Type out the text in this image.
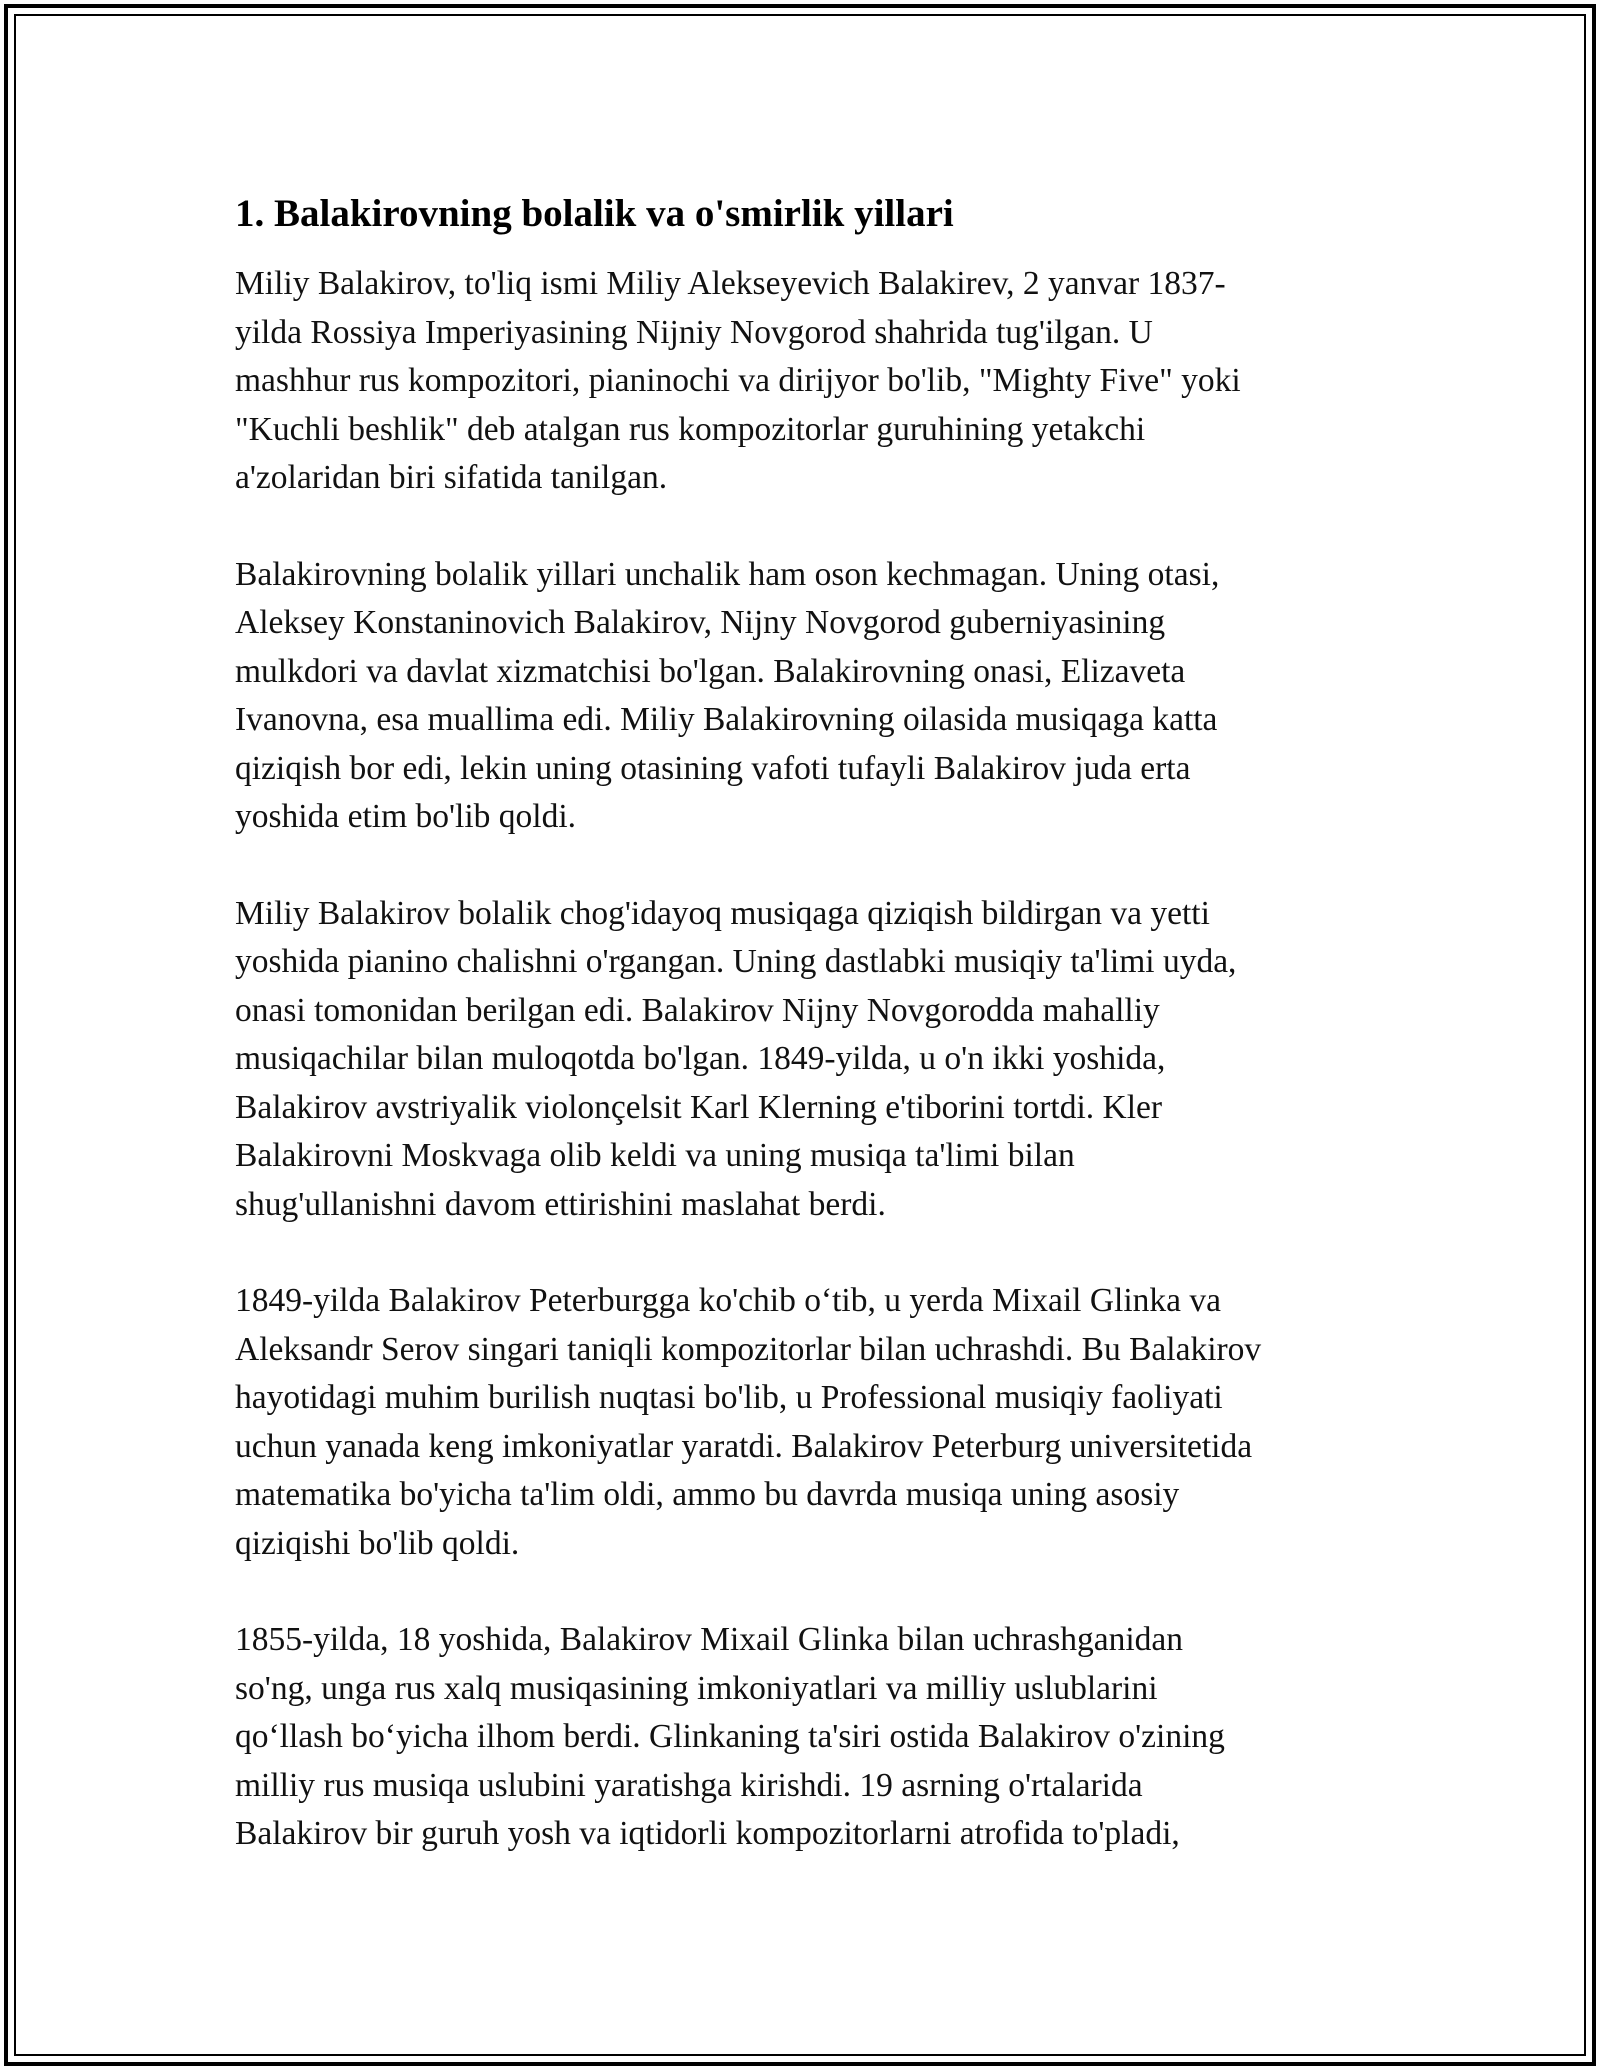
1. Balakirovning bolalik va o'smirlik yillari

Miliy Balakirov, to'liq ismi Miliy Alekseyevich Balakirev, 2 yanvar 1837-
yilda Rossiya Imperiyasining Nijniy Novgorod shahrida tug'ilgan. U
mashhur rus kompozitori, pianinochi va dirijyor bo'lib, "Mighty Five" yoki
"Kuchli beshlik" deb atalgan rus kompozitorlar guruhining yetakchi
a'zolaridan biri sifatida tanilgan.

Balakirovning bolalik yillari unchalik ham oson kechmagan. Uning otasi,
Aleksey Konstaninovich Balakirov, Nijny Novgorod guberniyasining
mulkdori va davlat xizmatchisi bo'lgan. Balakirovning onasi, Elizaveta
Ivanovna, esa muallima edi. Miliy Balakirovning oilasida musiqaga katta
qiziqish bor edi, lekin uning otasining vafoti tufayli Balakirov juda erta
yoshida etim bo'lib qoldi.

Miliy Balakirov bolalik chog'idayoq musiqaga qiziqish bildirgan va yetti
yoshida pianino chalishni o'rgangan. Uning dastlabki musiqiy ta'limi uyda,
onasi tomonidan berilgan edi. Balakirov Nijny Novgorodda mahalliy
musiqachilar bilan muloqotda bo'lgan. 1849-yilda, u o'n ikki yoshida,
Balakirov avstriyalik violonçelsit Karl Klerning e'tiborini tortdi. Kler
Balakirovni Moskvaga olib keldi va uning musiqa ta'limi bilan
shug'ullanishni davom ettirishini maslahat berdi.

1849-yilda Balakirov Peterburgga ko'chib oʻtib, u yerda Mixail Glinka va
Aleksandr Serov singari taniqli kompozitorlar bilan uchrashdi. Bu Balakirov
hayotidagi muhim burilish nuqtasi bo'lib, u Professional musiqiy faoliyati
uchun yanada keng imkoniyatlar yaratdi. Balakirov Peterburg universitetida
matematika bo'yicha ta'lim oldi, ammo bu davrda musiqa uning asosiy
qiziqishi bo'lib qoldi.

1855-yilda, 18 yoshida, Balakirov Mixail Glinka bilan uchrashganidan
so'ng, unga rus xalq musiqasining imkoniyatlari va milliy uslublarini
qoʻllash boʻyicha ilhom berdi. Glinkaning ta'siri ostida Balakirov o'zining
milliy rus musiqa uslubini yaratishga kirishdi. 19 asrning o'rtalarida
Balakirov bir guruh yosh va iqtidorli kompozitorlarni atrofida to'pladi,
